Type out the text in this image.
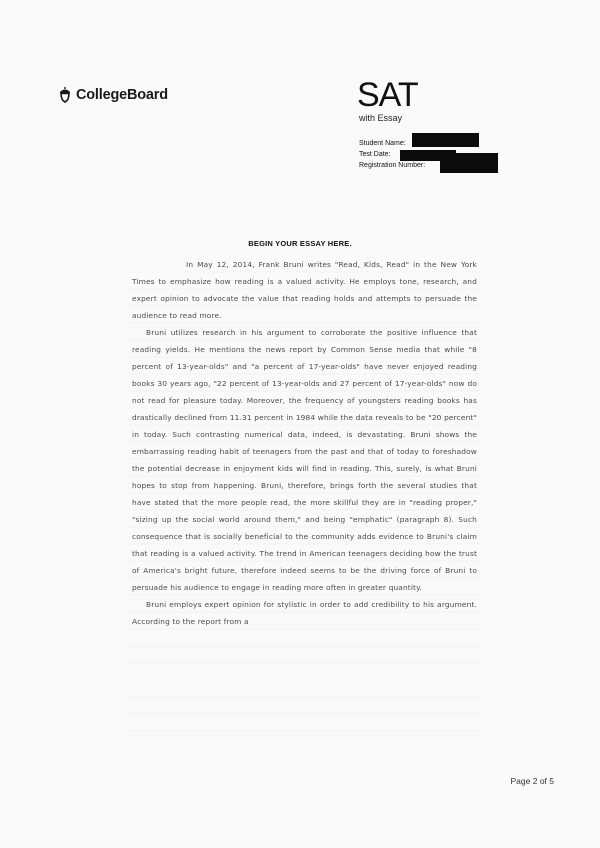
CollegeBoard	SAT
with Essay
Student Name:
Test Date:
Registration Number:
BEGIN YOUR ESSAY HERE.

In May 12, 2014, Frank Bruni writes "Read, Kids, Read" in the New York Times to emphasize how reading is a valued activity. He employs tone, research, and expert opinion to advocate the value that reading holds and attempts to persuade the audience to read more.

Bruni utilizes research in his argument to corroborate the positive influence that reading yields. He mentions the news report by Common Sense media that while "8 percent of 13-year-olds" and "a percent of 17-year-olds" have never enjoyed reading books 30 years ago, "22 percent of 13-year-olds and 27 percent of 17-year-olds" now do not read for pleasure today. Moreover, the frequency of youngsters reading books has drastically declined from 11.31 percent in 1984 while the data reveals to be "20 percent" in today. Such contrasting numerical data, indeed, is devastating. Bruni shows the embarrassing reading habit of teenagers from the past and that of today to foreshadow the potential decrease in enjoyment kids will find in reading. This, surely, is what Bruni hopes to stop from happening. Bruni, therefore, brings forth the several studies that have stated that the more people read, the more skillful they are in "reading proper," "sizing up the social world around them," and being "emphatic" (paragraph 8). Such consequence that is socially beneficial to the community adds evidence to Bruni's claim that reading is a valued activity. The trend in American teenagers deciding how the trust of America's bright future, therefore indeed seems to be the driving force of Bruni to persuade his audience to engage in reading more often in greater quantity.

Bruni employs expert opinion for stylistic in order to add credibility to his argument. According to the report from a

Page 2 of 5
